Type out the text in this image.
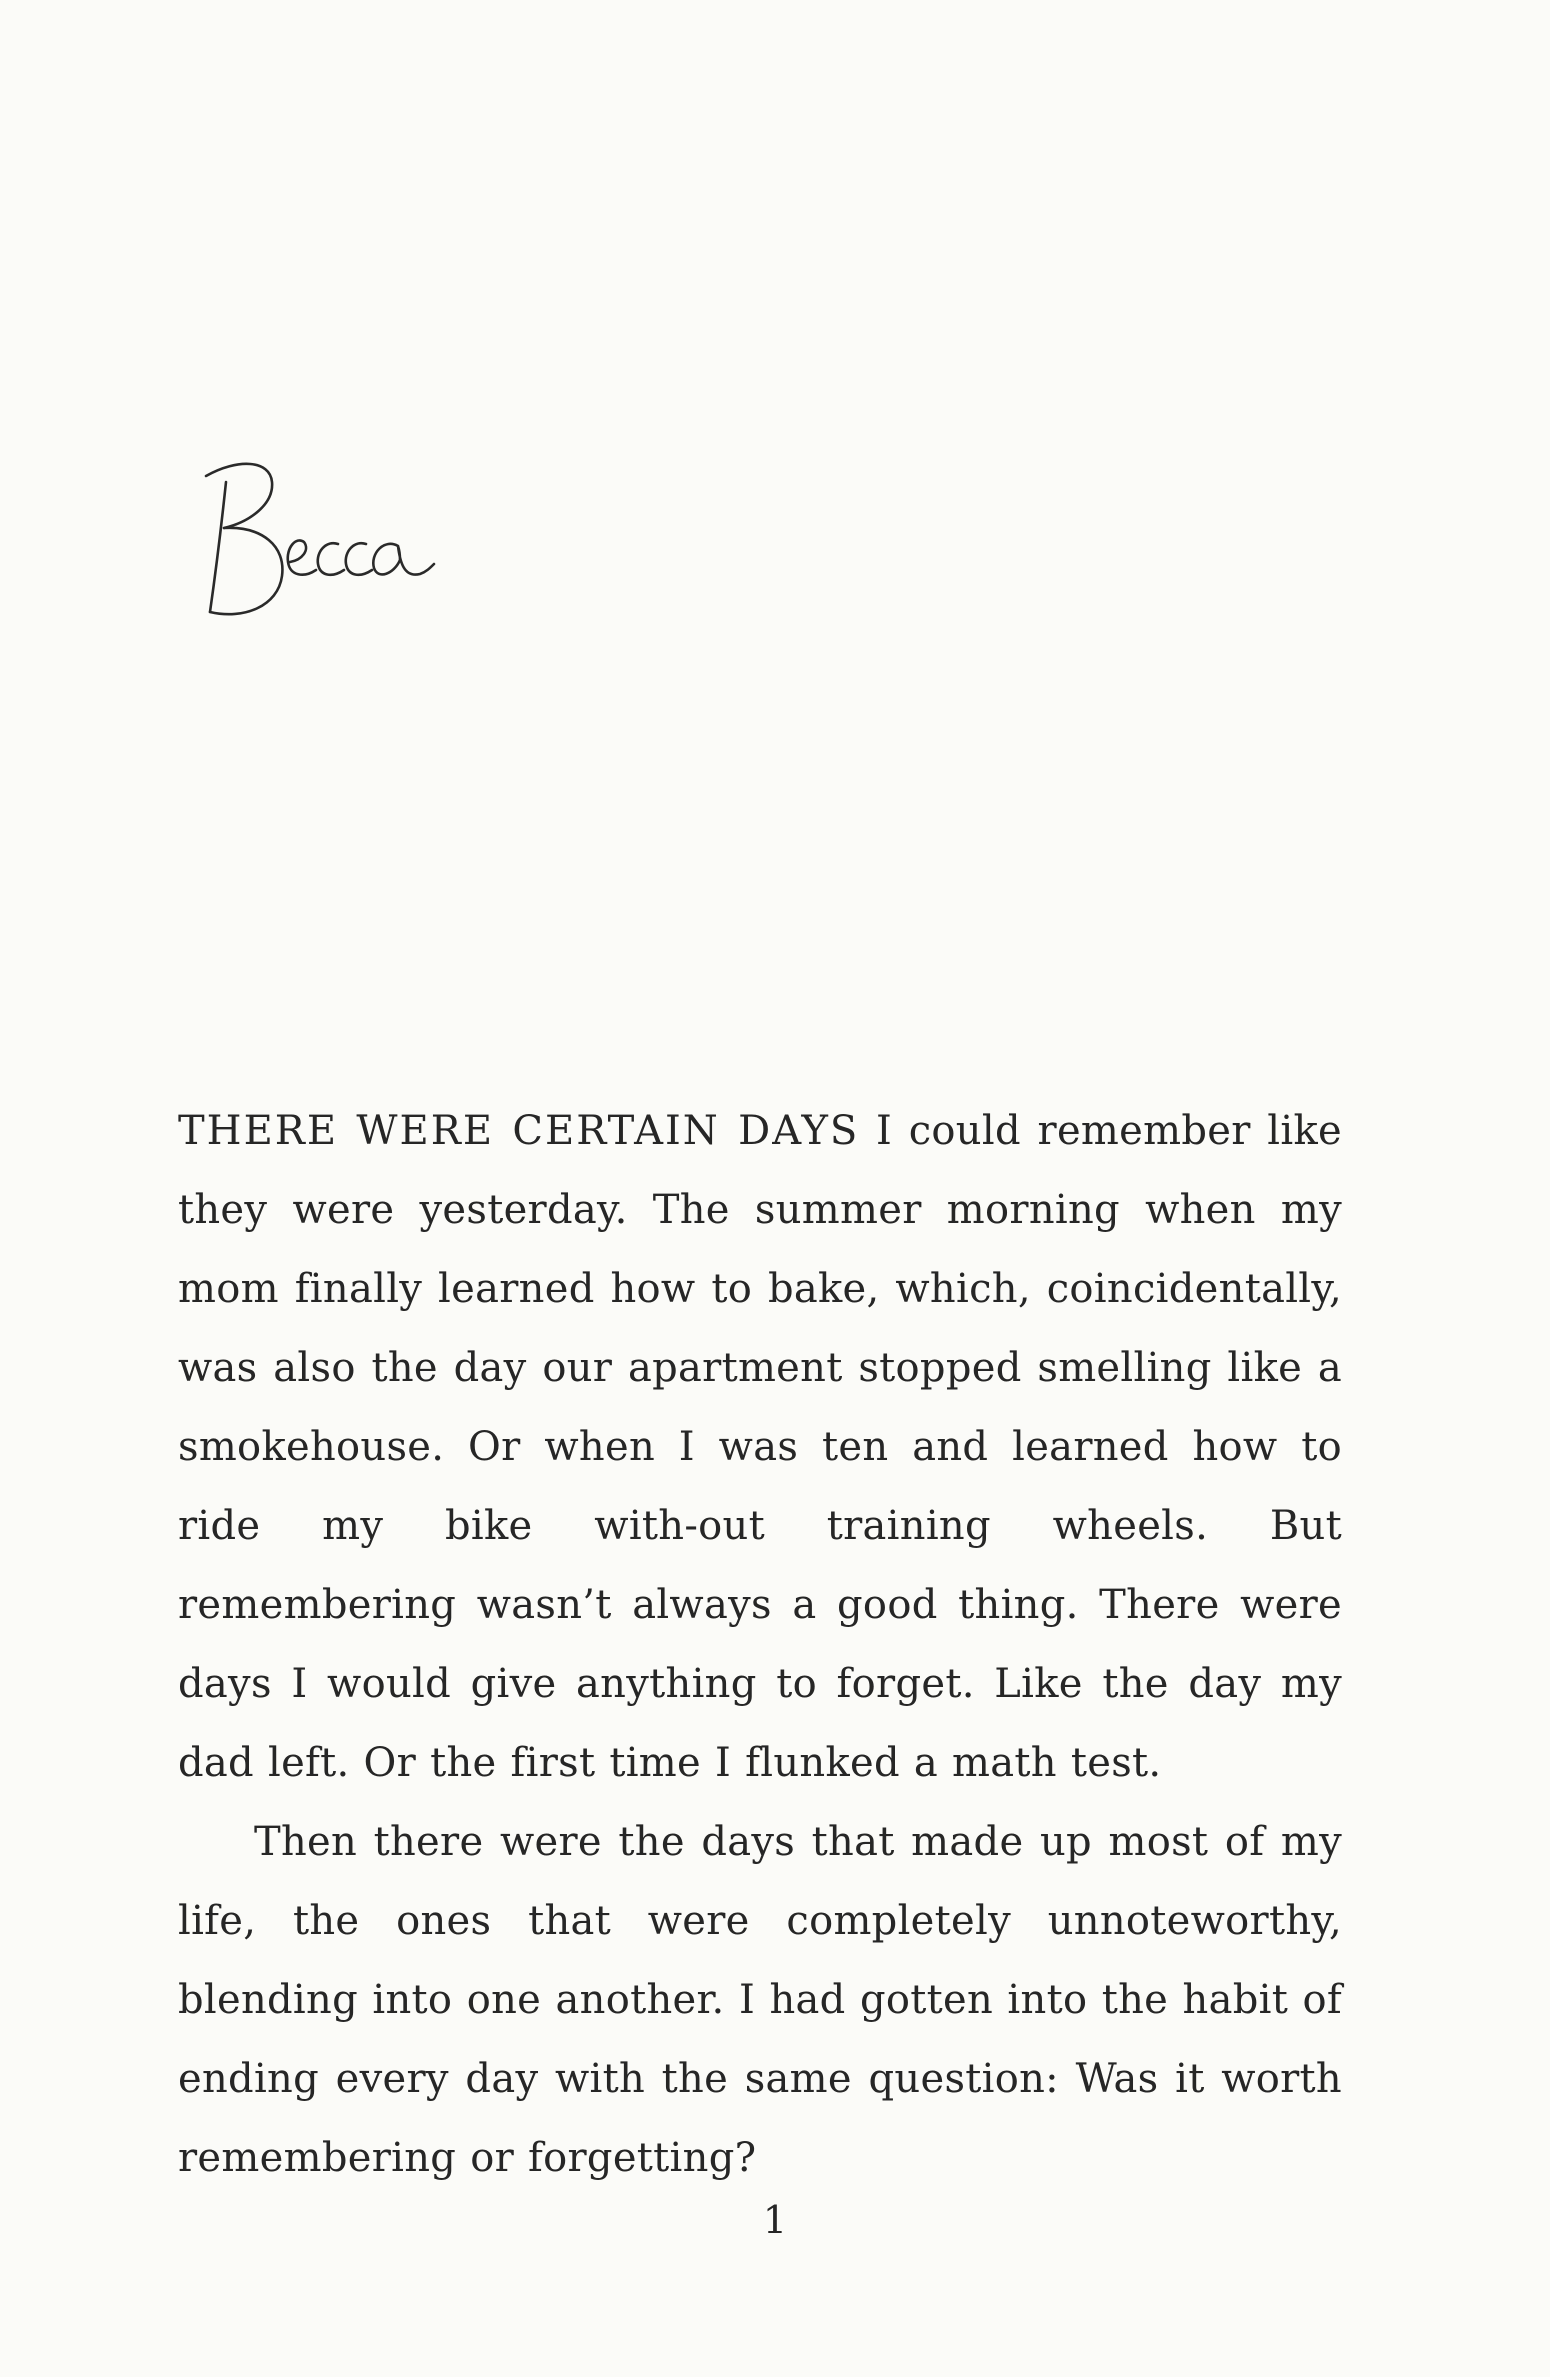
THERE WERE CERTAIN DAYS I could remember like they were yesterday. The summer morning when my mom finally learned how to bake, which, coincidentally, was also the day our apartment stopped smelling like a smokehouse. Or when I was ten and learned how to ride my bike with-out training wheels. But remembering wasn’t always a good thing. There were days I would give anything to forget. Like the day my dad left. Or the first time I flunked a math test.

Then there were the days that made up most of my life, the ones that were completely unnoteworthy, blending into one another. I had gotten into the habit of ending every day with the same question: Was it worth remembering or forgetting?

1
